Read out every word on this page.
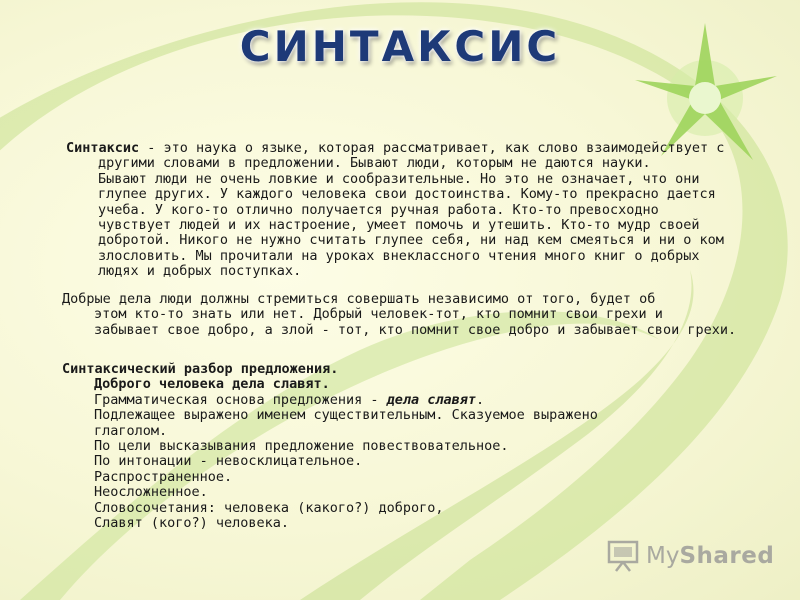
СИНТАКСИС
Синтаксис - это наука о языке, которая рассматривает, как слово взаимодействует с
другими словами в предложении. Бывают люди, которым не даются науки.
Бывают люди не очень ловкие и сообразительные. Но это не означает, что они
глупее других. У каждого человека свои достоинства. Кому-то прекрасно дается
учеба. У кого-то отлично получается ручная работа. Кто-то превосходно
чувствует людей и их настроение, умеет помочь и утешить. Кто-то мудр своей
добротой. Никого не нужно считать глупее себя, ни над кем смеяться и ни о ком
злословить. Мы прочитали на уроках внеклассного чтения много книг о добрых
людях и добрых поступках.
Добрые дела люди должны стремиться совершать независимо от того, будет об
этом кто-то знать или нет. Добрый человек-тот, кто помнит свои грехи и
забывает свое добро, а злой - тот, кто помнит свое добро и забывает свои грехи.
Синтаксический разбор предложения.
Доброго человека дела славят.
Грамматическая основа предложения - дела славят.
Подлежащее выражено именем существительным. Сказуемое выражено
глаголом.
По цели высказывания предложение повествовательное.
По интонации - невосклицательное.
Распространенное.
Неосложненное.
Словосочетания: человека (какого?) доброго,
Славят (кого?) человека.
MyShared
